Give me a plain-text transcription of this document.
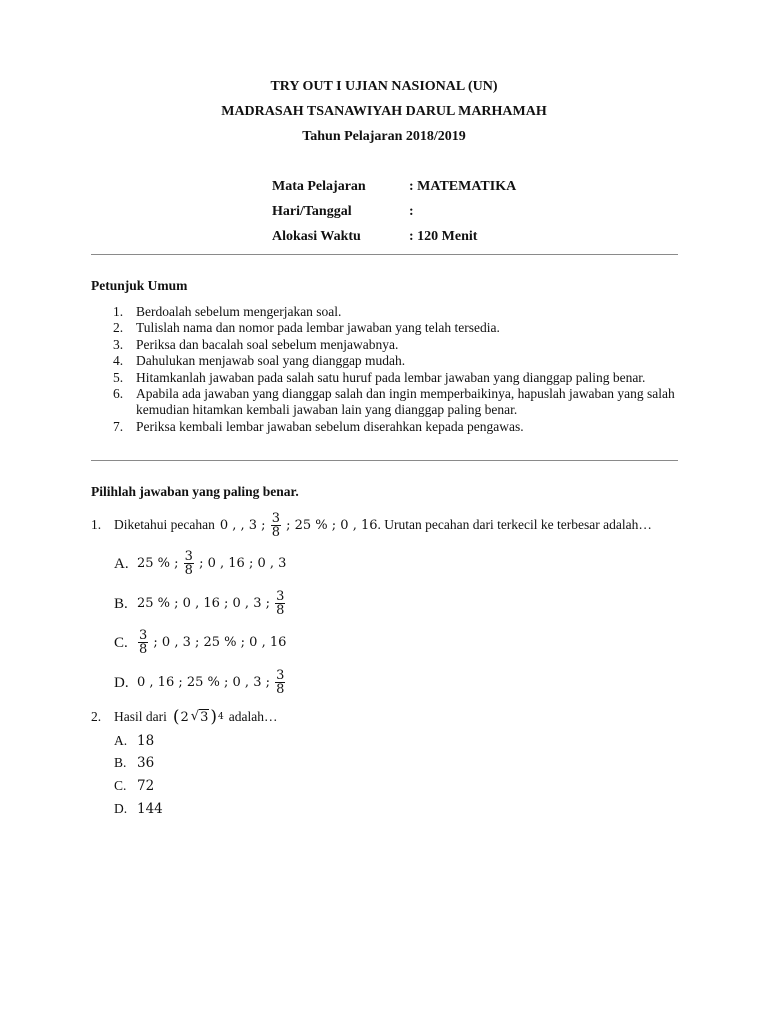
TRY OUT I UJIAN NASIONAL (UN)
MADRASAH TSANAWIYAH DARUL MARHAMAH
Tahun Pelajaran 2018/2019
Mata Pelajaran	: MATEMATIKA
Hari/Tanggal	:
Alokasi Waktu	: 120 Menit
Petunjuk Umum
1. Berdoalah sebelum mengerjakan soal.
2. Tulislah nama dan nomor pada lembar jawaban yang telah tersedia.
3. Periksa dan bacalah soal sebelum menjawabnya.
4. Dahulukan menjawab soal yang dianggap mudah.
5. Hitamkanlah jawaban pada salah satu huruf pada lembar jawaban yang dianggap paling benar.
6. Apabila ada jawaban yang dianggap salah dan ingin memperbaikinya, hapuslah jawaban yang salah kemudian hitamkan kembali jawaban lain yang dianggap paling benar.
7. Periksa kembali lembar jawaban sebelum diserahkan kepada pengawas.
Pilihlah jawaban yang paling benar.
1. Diketahui pecahan 0 , , 3 ; $\frac{3}{8}$ ; 25 % ; 0 , 16 . Urutan pecahan dari terkecil ke terbesar adalah…
A. 25 % ; $\frac{3}{8}$ ; 0 , 16 ; 0 , 3
B. 25 % ; 0 , 16 ; 0 , 3 ; $\frac{3}{8}$
C. $\frac{3}{8}$ ; 0 , 3 ; 25 % ; 0 , 16
D. 0 , 16 ; 25 % ; 0 , 3 ; $\frac{3}{8}$
2. Hasil dari ( 2 √ 3 ) 4 adalah…
A. 18
B. 36
C. 72
D. 144
